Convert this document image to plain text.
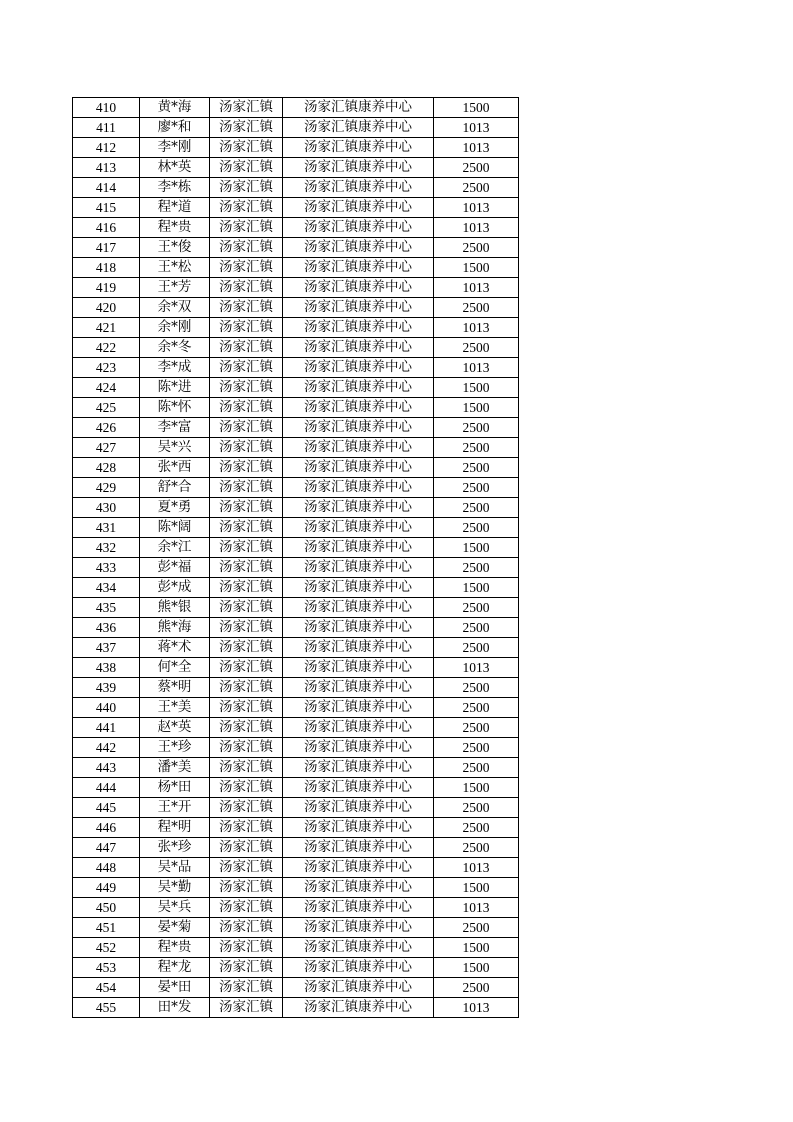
410	黄*海	汤家汇镇	汤家汇镇康养中心	1500
411	廖*和	汤家汇镇	汤家汇镇康养中心	1013
412	李*刚	汤家汇镇	汤家汇镇康养中心	1013
413	林*英	汤家汇镇	汤家汇镇康养中心	2500
414	李*栋	汤家汇镇	汤家汇镇康养中心	2500
415	程*道	汤家汇镇	汤家汇镇康养中心	1013
416	程*贵	汤家汇镇	汤家汇镇康养中心	1013
417	王*俊	汤家汇镇	汤家汇镇康养中心	2500
418	王*松	汤家汇镇	汤家汇镇康养中心	1500
419	王*芳	汤家汇镇	汤家汇镇康养中心	1013
420	余*双	汤家汇镇	汤家汇镇康养中心	2500
421	余*刚	汤家汇镇	汤家汇镇康养中心	1013
422	余*冬	汤家汇镇	汤家汇镇康养中心	2500
423	李*成	汤家汇镇	汤家汇镇康养中心	1013
424	陈*进	汤家汇镇	汤家汇镇康养中心	1500
425	陈*怀	汤家汇镇	汤家汇镇康养中心	1500
426	李*富	汤家汇镇	汤家汇镇康养中心	2500
427	吴*兴	汤家汇镇	汤家汇镇康养中心	2500
428	张*西	汤家汇镇	汤家汇镇康养中心	2500
429	舒*合	汤家汇镇	汤家汇镇康养中心	2500
430	夏*勇	汤家汇镇	汤家汇镇康养中心	2500
431	陈*阔	汤家汇镇	汤家汇镇康养中心	2500
432	余*江	汤家汇镇	汤家汇镇康养中心	1500
433	彭*福	汤家汇镇	汤家汇镇康养中心	2500
434	彭*成	汤家汇镇	汤家汇镇康养中心	1500
435	熊*银	汤家汇镇	汤家汇镇康养中心	2500
436	熊*海	汤家汇镇	汤家汇镇康养中心	2500
437	蒋*术	汤家汇镇	汤家汇镇康养中心	2500
438	何*全	汤家汇镇	汤家汇镇康养中心	1013
439	蔡*明	汤家汇镇	汤家汇镇康养中心	2500
440	王*美	汤家汇镇	汤家汇镇康养中心	2500
441	赵*英	汤家汇镇	汤家汇镇康养中心	2500
442	王*珍	汤家汇镇	汤家汇镇康养中心	2500
443	潘*美	汤家汇镇	汤家汇镇康养中心	2500
444	杨*田	汤家汇镇	汤家汇镇康养中心	1500
445	王*开	汤家汇镇	汤家汇镇康养中心	2500
446	程*明	汤家汇镇	汤家汇镇康养中心	2500
447	张*珍	汤家汇镇	汤家汇镇康养中心	2500
448	吴*品	汤家汇镇	汤家汇镇康养中心	1013
449	吴*勤	汤家汇镇	汤家汇镇康养中心	1500
450	吴*兵	汤家汇镇	汤家汇镇康养中心	1013
451	晏*菊	汤家汇镇	汤家汇镇康养中心	2500
452	程*贵	汤家汇镇	汤家汇镇康养中心	1500
453	程*龙	汤家汇镇	汤家汇镇康养中心	1500
454	晏*田	汤家汇镇	汤家汇镇康养中心	2500
455	田*发	汤家汇镇	汤家汇镇康养中心	1013
